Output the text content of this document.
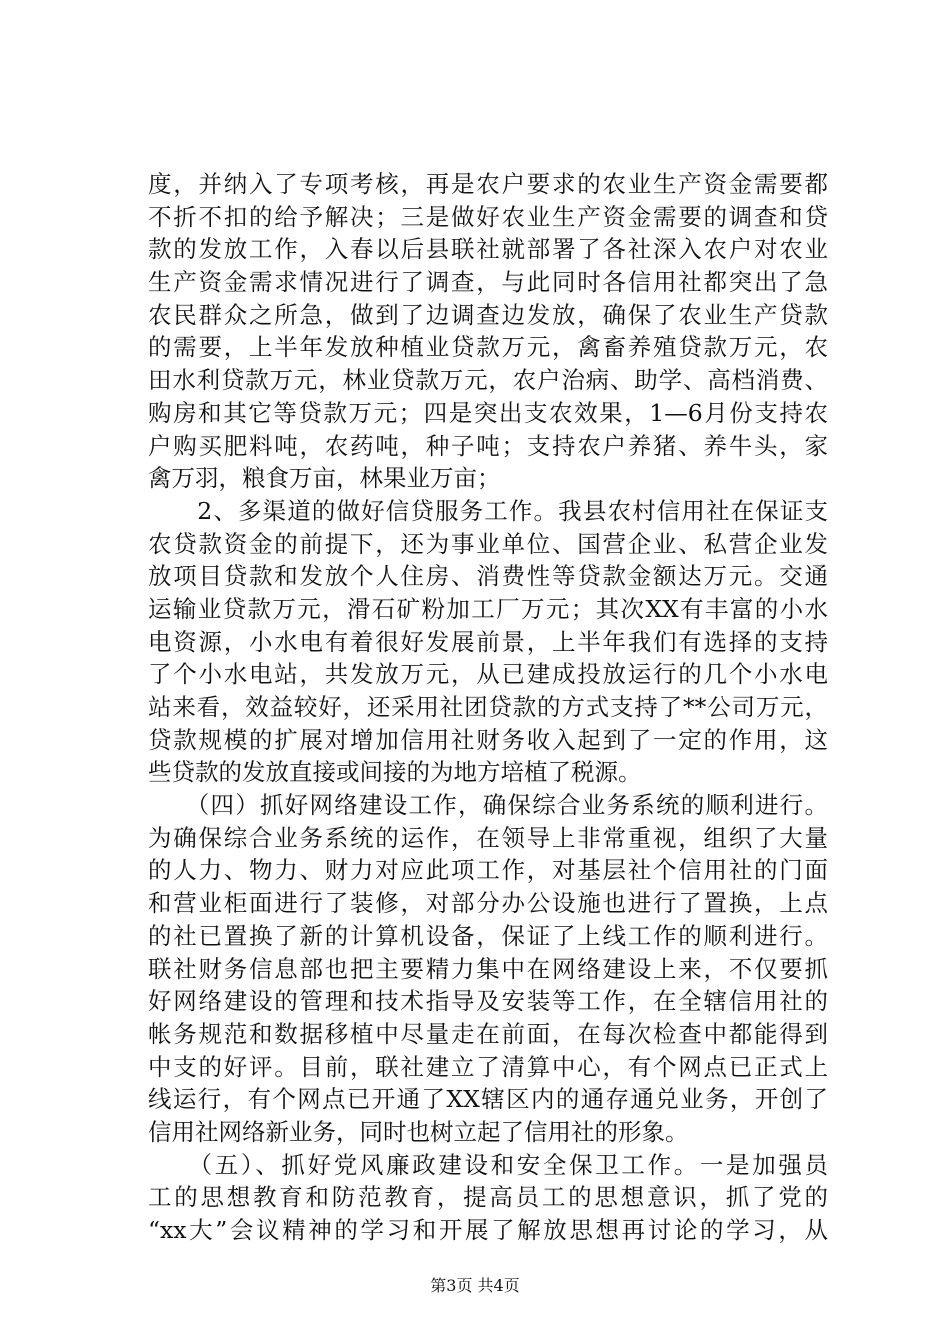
度，并纳入了专项考核，再是农户要求的农业生产资金需要都
不折不扣的给予解决；三是做好农业生产资金需要的调查和贷
款的发放工作，入春以后县联社就部署了各社深入农户对农业
生产资金需求情况进行了调查，与此同时各信用社都突出了急
农民群众之所急，做到了边调查边发放，确保了农业生产贷款
的需要，上半年发放种植业贷款万元，禽畜养殖贷款万元，农
田水利贷款万元，林业贷款万元，农户治病、助学、高档消费、
购房和其它等贷款万元；四是突出支农效果，1—6月份支持农
户购买肥料吨，农药吨，种子吨；支持农户养猪、养牛头，家
禽万羽，粮食万亩，林果业万亩；
　　2、多渠道的做好信贷服务工作。我县农村信用社在保证支
农贷款资金的前提下，还为事业单位、国营企业、私营企业发
放项目贷款和发放个人住房、消费性等贷款金额达万元。交通
运输业贷款万元，滑石矿粉加工厂万元；其次XX有丰富的小水
电资源，小水电有着很好发展前景，上半年我们有选择的支持
了个小水电站，共发放万元，从已建成投放运行的几个小水电
站来看，效益较好，还采用社团贷款的方式支持了**公司万元，
贷款规模的扩展对增加信用社财务收入起到了一定的作用，这
些贷款的发放直接或间接的为地方培植了税源。
　　（四）抓好网络建设工作，确保综合业务系统的顺利进行。
为确保综合业务系统的运作，在领导上非常重视，组织了大量
的人力、物力、财力对应此项工作，对基层社个信用社的门面
和营业柜面进行了装修，对部分办公设施也进行了置换，上点
的社已置换了新的计算机设备，保证了上线工作的顺利进行。
联社财务信息部也把主要精力集中在网络建设上来，不仅要抓
好网络建设的管理和技术指导及安装等工作，在全辖信用社的
帐务规范和数据移植中尽量走在前面，在每次检查中都能得到
中支的好评。目前，联社建立了清算中心，有个网点已正式上
线运行，有个网点已开通了XX辖区内的通存通兑业务，开创了
信用社网络新业务，同时也树立起了信用社的形象。
　　（五）、抓好党风廉政建设和安全保卫工作。一是加强员
工的思想教育和防范教育，提高员工的思想意识，抓了党的
“xx大”会议精神的学习和开展了解放思想再讨论的学习，从
第3页 共4页
